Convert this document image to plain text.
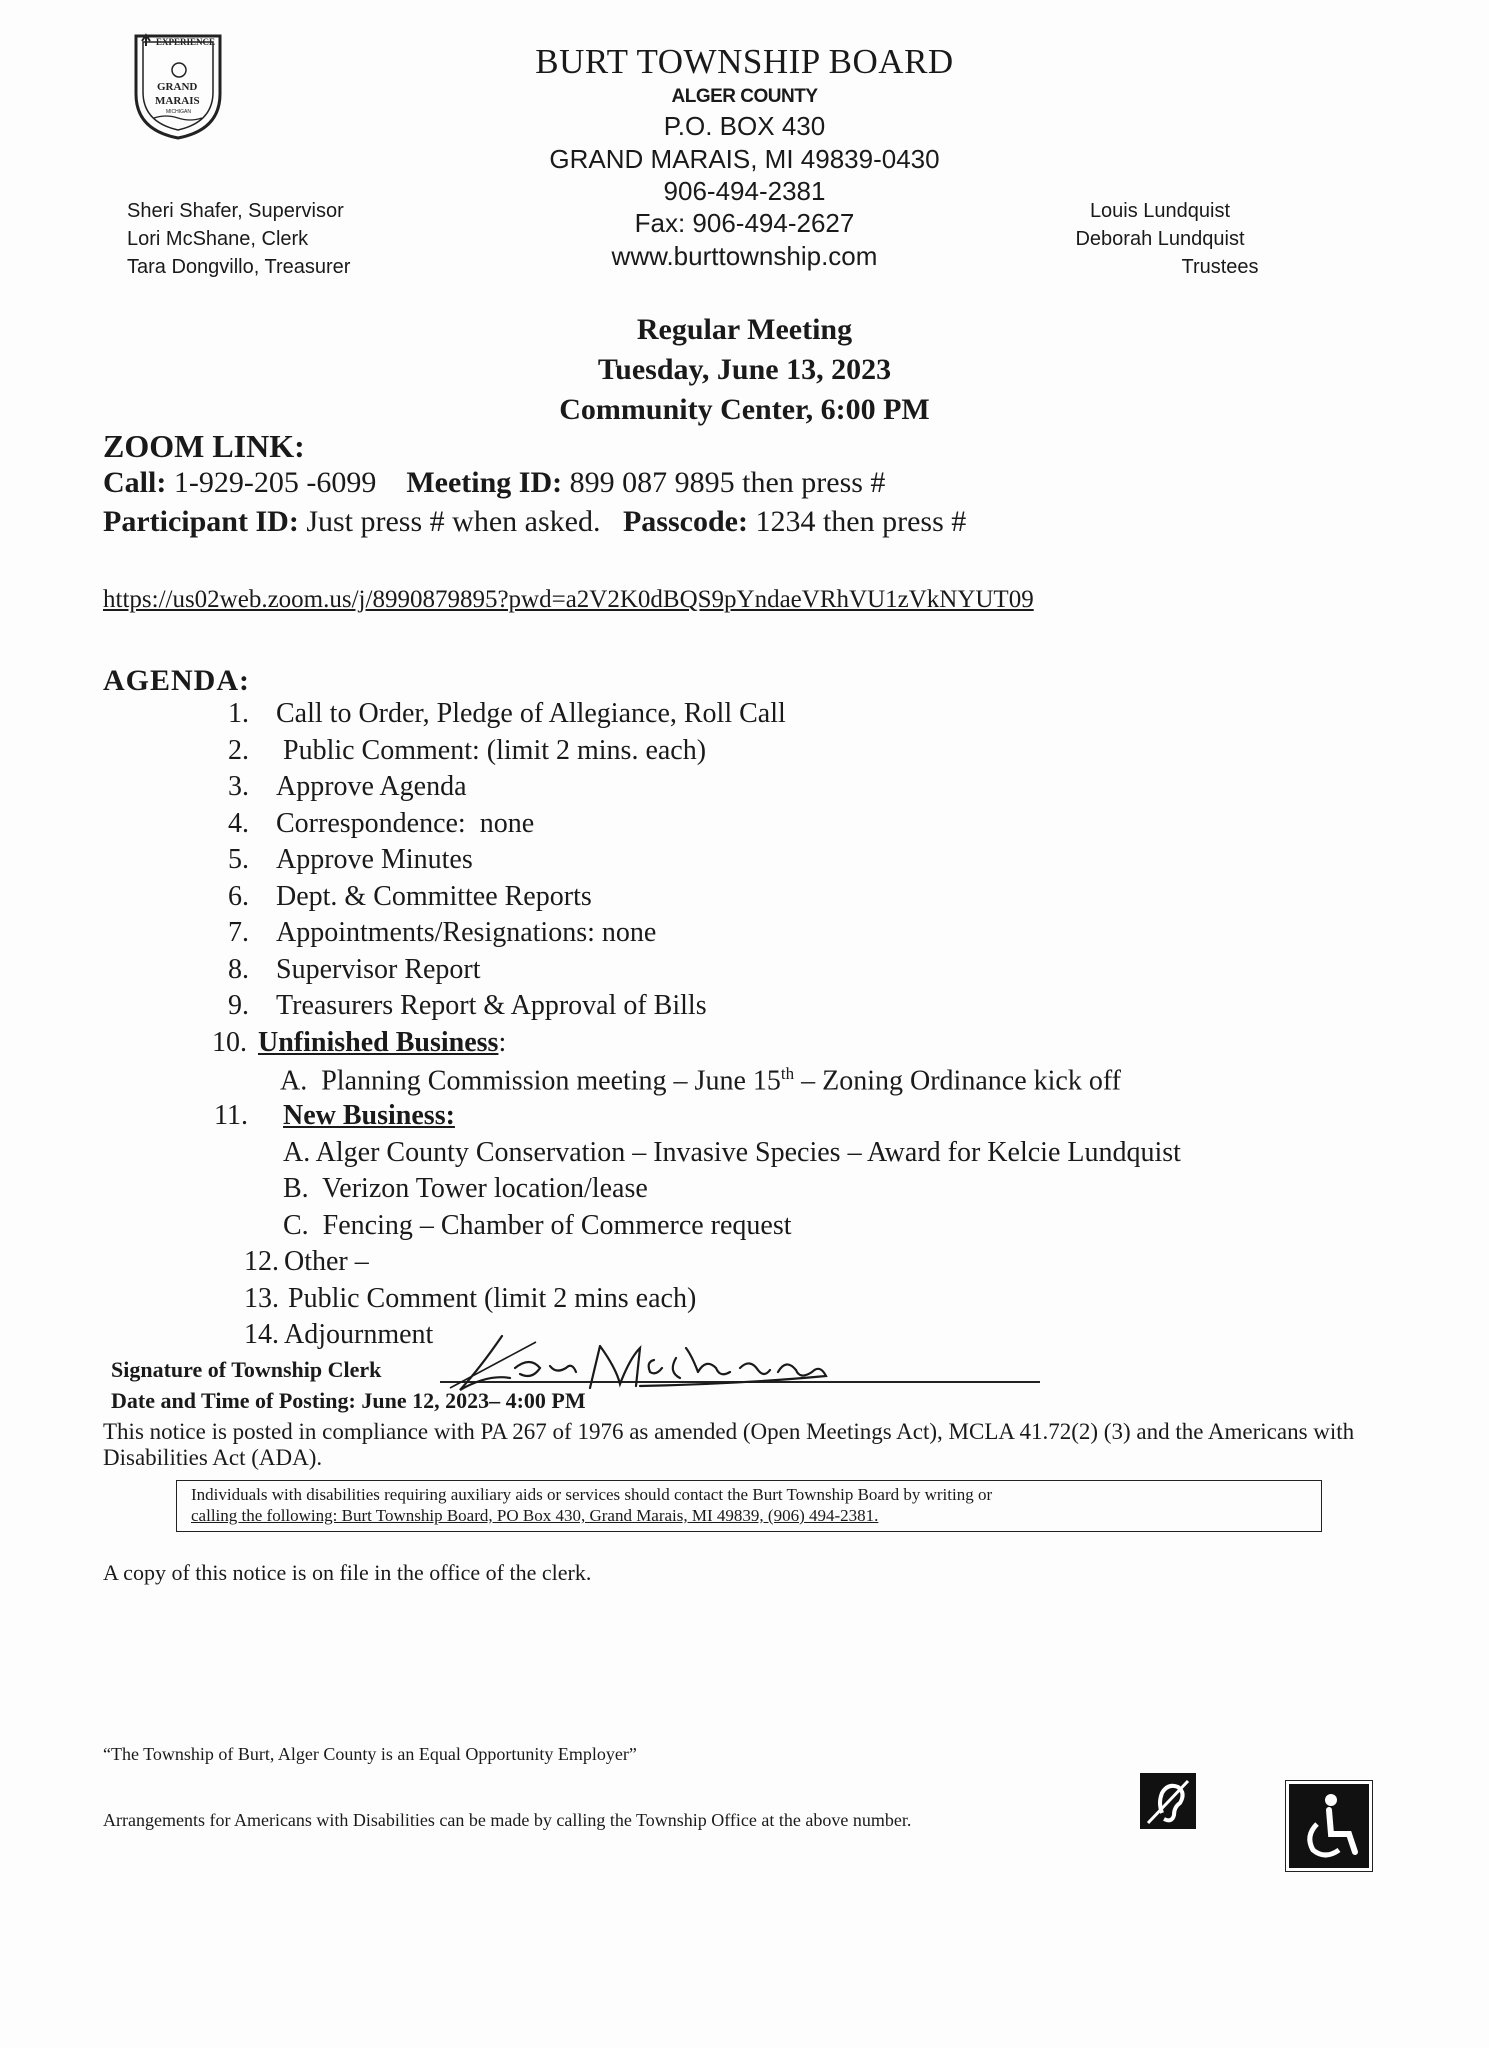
EXPERIENCE
GRAND
MARAIS
MICHIGAN
BURT TOWNSHIP BOARD
ALGER COUNTY
P.O. BOX 430
GRAND MARAIS, MI 49839-0430
906-494-2381
Fax: 906-494-2627
www.burttownship.com
Sheri Shafer, Supervisor
Lori McShane, Clerk
Tara Dongvillo, Treasurer
Louis Lundquist
Deborah Lundquist
Trustees
Regular Meeting
Tuesday, June 13, 2023
Community Center, 6:00 PM
ZOOM LINK:
Call: 1-929-205 -6099 Meeting ID: 899 087 9895 then press #
Participant ID: Just press # when asked. Passcode: 1234 then press #
https://us02web.zoom.us/j/8990879895?pwd=a2V2K0dBQS9pYndaeVRhVU1zVkNYUT09
AGENDA:
1. Call to Order, Pledge of Allegiance, Roll Call
2. Public Comment: (limit 2 mins. each)
3. Approve Agenda
4. Correspondence:  none
5. Approve Minutes
6. Dept. & Committee Reports
7. Appointments/Resignations: none
8. Supervisor Report
9. Treasurers Report & Approval of Bills
10. Unfinished Business:
A.  Planning Commission meeting – June 15th – Zoning Ordinance kick off
11. New Business:
A. Alger County Conservation – Invasive Species – Award for Kelcie Lundquist
B.  Verizon Tower location/lease
C.  Fencing – Chamber of Commerce request
12. Other –
13. Public Comment (limit 2 mins each)
14. Adjournment
Signature of Township Clerk
Date and Time of Posting: June 12, 2023– 4:00 PM
This notice is posted in compliance with PA 267 of 1976 as amended (Open Meetings Act), MCLA 41.72(2) (3) and the Americans with Disabilities Act (ADA).
Individuals with disabilities requiring auxiliary aids or services should contact the Burt Township Board by writing or
calling the following: Burt Township Board, PO Box 430, Grand Marais, MI 49839, (906) 494-2381.
A copy of this notice is on file in the office of the clerk.
“The Township of Burt, Alger County is an Equal Opportunity Employer”
Arrangements for Americans with Disabilities can be made by calling the Township Office at the above number.
